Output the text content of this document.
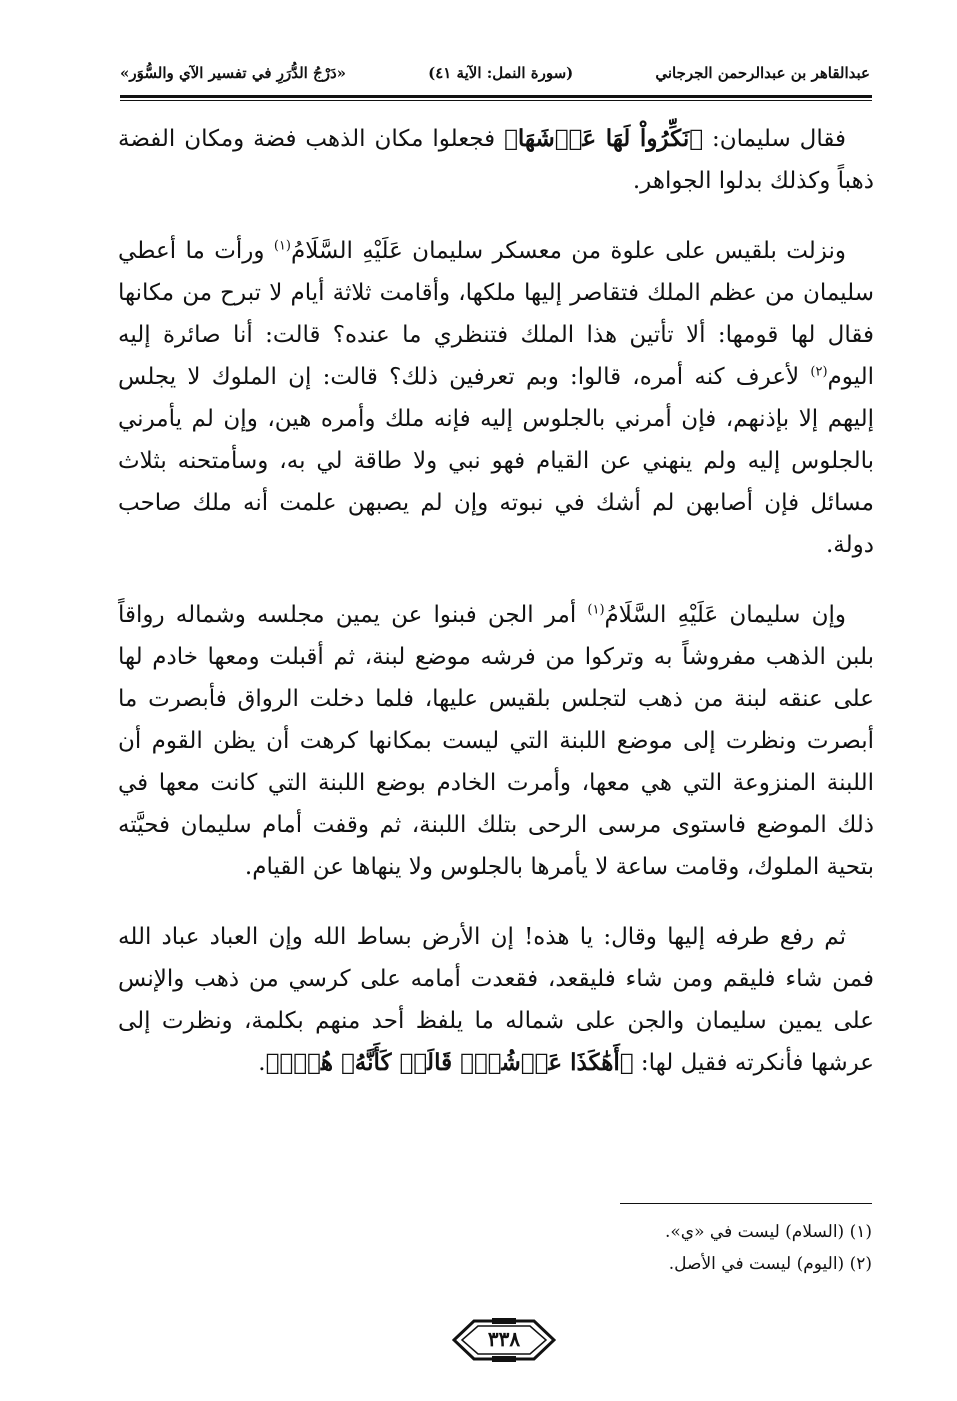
عبدالقاهر بن عبدالرحمن الجرجاني
(سورة النمل: الآية ٤١)
«دَرْجُ الدُّرَرِ في تفسير الآي والسُّوَر»

فقال سليمان: ﴿نَكِّرُواْ لَهَا عَرۡشَهَا﴾ فجعلوا مكان الذهب فضة ومكان الفضة ذهباً وكذلك بدلوا الجواهر.

ونزلت بلقيس على علوة من معسكر سليمان عَلَيْهِ السَّلَامُ$^{(١)}$ ورأت ما أعطي سليمان من عظم الملك فتقاصر إليها ملكها، وأقامت ثلاثة أيام لا تبرح من مكانها فقال لها قومها: ألا تأتين هذا الملك فتنظري ما عنده؟ قالت: أنا صائرة إليه اليوم$^{(٢)}$ لأعرف كنه أمره، قالوا: وبم تعرفين ذلك؟ قالت: إن الملوك لا يجلس إليهم إلا بإذنهم، فإن أمرني بالجلوس إليه فإنه ملك وأمره هين، وإن لم يأمرني بالجلوس إليه ولم ينهني عن القيام فهو نبي ولا طاقة لي به، وسأمتحنه بثلاث مسائل فإن أصابهن لم أشك في نبوته وإن لم يصبهن علمت أنه ملك صاحب دولة.

وإن سليمان عَلَيْهِ السَّلَامُ$^{(١)}$ أمر الجن فبنوا عن يمين مجلسه وشماله رواقاً بلبن الذهب مفروشاً به وتركوا من فرشه موضع لبنة، ثم أقبلت ومعها خادم لها على عنقه لبنة من ذهب لتجلس بلقيس عليها، فلما دخلت الرواق فأبصرت ما أبصرت ونظرت إلى موضع اللبنة التي ليست بمكانها كرهت أن يظن القوم أن اللبنة المنزوعة التي هي معها، وأمرت الخادم بوضع اللبنة التي كانت معها في ذلك الموضع فاستوى مرسى الرحى بتلك اللبنة، ثم وقفت أمام سليمان فحيَّته بتحية الملوك، وقامت ساعة لا يأمرها بالجلوس ولا ينهاها عن القيام.

ثم رفع طرفه إليها وقال: يا هذه! إن الأرض بساط الله وإن العباد عباد الله فمن شاء فليقم ومن شاء فليقعد، فقعدت أمامه على كرسي من ذهب والإنس على يمين سليمان والجن على شماله ما يلفظ أحد منهم بكلمة، ونظرت إلى عرشها فأنكرته فقيل لها: ﴿أَهَٰكَذَا عَرۡشُكِۖ قَالَتۡ كَأَنَّهُۥ هُوَۚ﴾.

(١) (السلام) ليست في «ي».
(٢) (اليوم) ليست في الأصل.
٣٣٨
